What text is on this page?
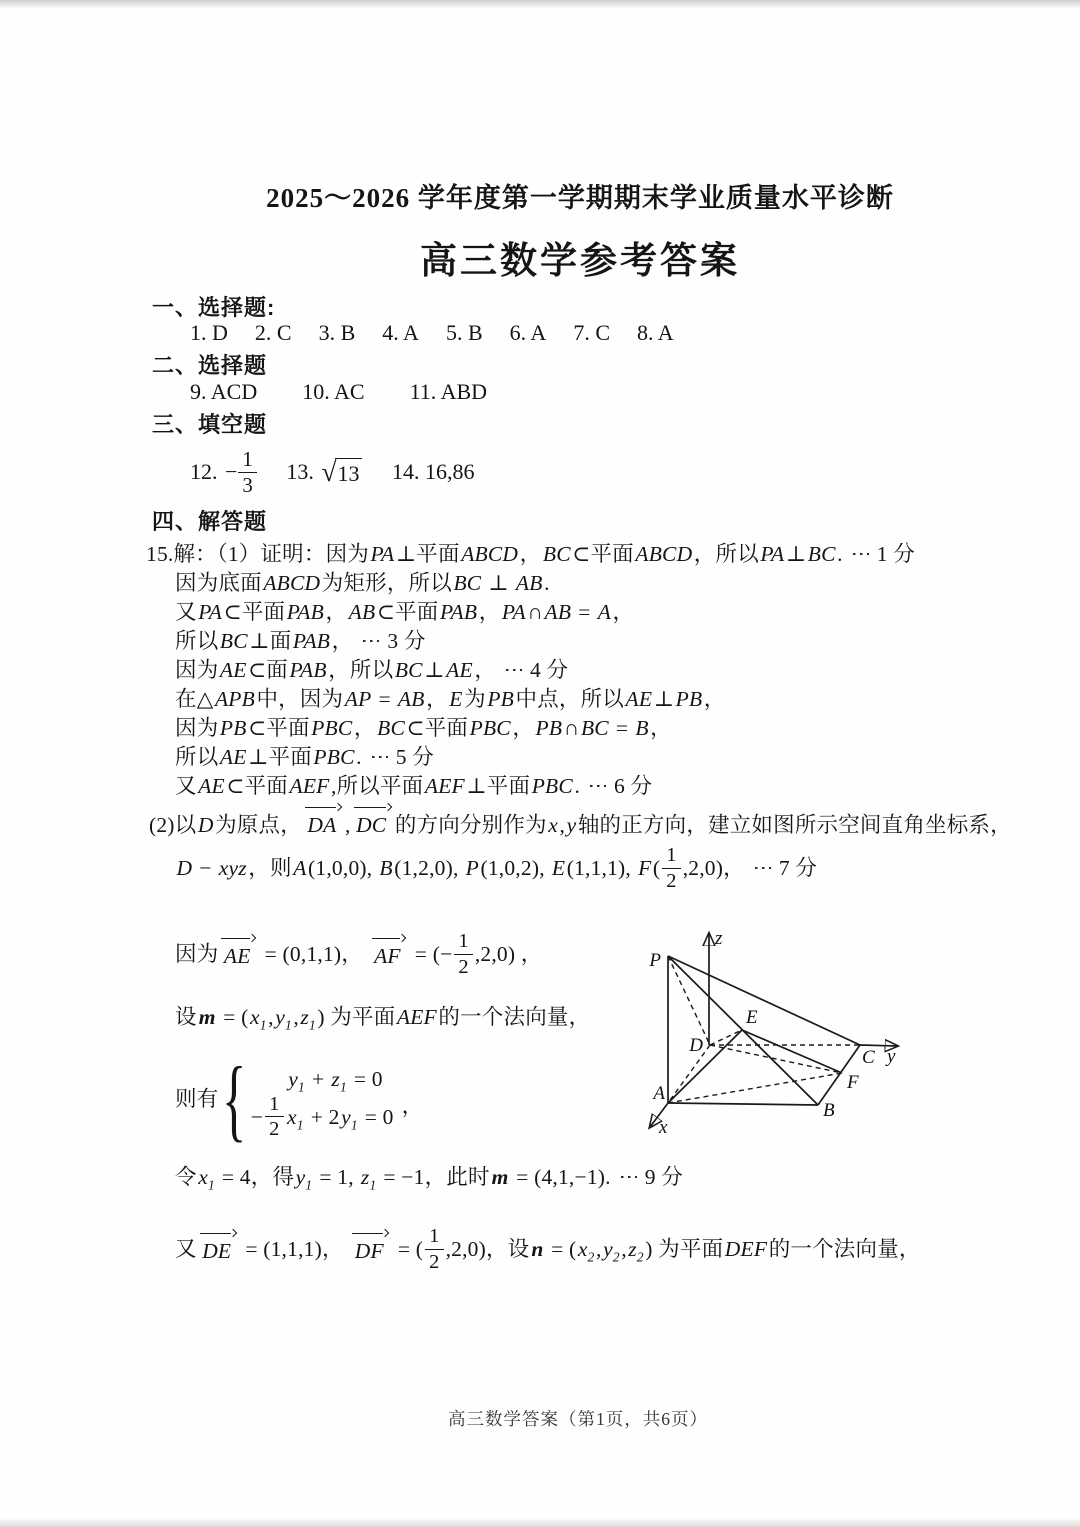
2025～2026 学年度第一学期期末学业质量水平诊断
高三数学参考答案
一、选择题:
1. D 2. C 3. B 4. A 5. B 6. A 7. C 8. A
二、选择题
9. ACD 10. AC 11. ABD
三、填空题
12. − $\frac{1}{3} 13$. √ 13 14. 16,86
四、解答题
15.解：（1）证明：因为 PA ⊥平面 ABCD ， BC ⊂平面 ABCD ，所以 PA ⊥ BC . 1 分
因为底面 ABCD 为矩形，所以 BC ⊥ AB .
又 PA ⊂平面 PAB ， AB ⊂平面 PAB ， PA ∩ AB = A ，
所以 BC ⊥面 PAB ， 3 分
因为 AE ⊂面 PAB ，所以 BC ⊥ AE ， 4 分
在△ APB 中，因为 AP = AB ， E 为 PB 中点，所以 AE ⊥ PB ，
因为 PB ⊂平面 PBC ， BC ⊂平面 PBC ， PB ∩ BC = B ，
所以 AE ⊥平面 PBC . 5 分
又 AE ⊂平面 AEF ,所以平面 AEF ⊥平面 PBC . 6 分
(2)以 D 为原点， DA , DC 的方向分别作为 x , y 轴的正方向，建立如图所示空间直角坐标系，
D − xyz ，则 A (1,0,0), B (1,2,0), P (1,0,2), E (1,1,1), F ( $\frac{1}{2} ,2,0$)， 7 分
因为 AE = (0,1,1)， AF = (− $\frac{1}{2} ,2,0$) ，
设 m = ( $x_1$ , $y_1$ , $z_1$ ) 为平面 AEF 的一个法向量，
则有 { $y_1 + z_1 = 0$
− $\frac{1}{2} x_1 + 2$ $y_1 = 0$ ，
令 $x_1 = 4$，得 $y_1 = 1$, $z_1 = -1$，此时 m = (4,1,−1). 9 分
又 DE = (1,1,1)， DF = ( $\frac{1}{2} ,2,0$)，设 n = ( $x_2$ , $y_2$ , $z_2$ ) 为平面 DEF 的一个法向量，
P
z
D
E
C y
F
B
A
x
高三数学答案（第1页，共6页）
